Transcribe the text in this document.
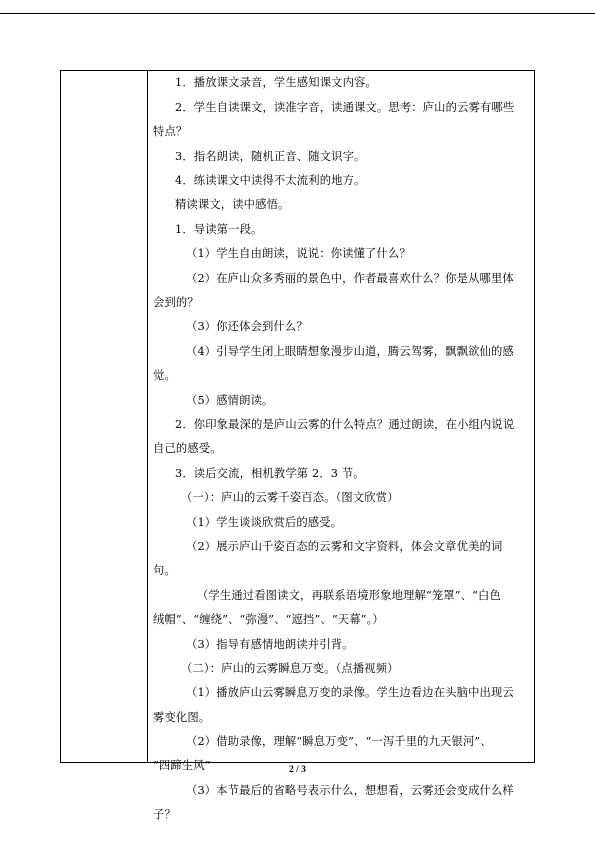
1．播放课文录音，学生感知课文内容。
2．学生自读课文，读准字音，读通课文。思考：庐山的云雾有哪些
特点？
3．指名朗读，随机正音、随文识字。
4．练读课文中读得不太流利的地方。
精读课文，读中感悟。
1．导读第一段。
（1）学生自由朗读，说说：你读懂了什么？
（2）在庐山众多秀丽的景色中，作者最喜欢什么？你是从哪里体
会到的？
（3）你还体会到什么？
（4）引导学生闭上眼睛想象漫步山道，腾云驾雾，飘飘欲仙的感
觉。
（5）感情朗读。
2．你印象最深的是庐山云雾的什么特点？通过朗读，在小组内说说
自己的感受。
3．读后交流，相机教学第 2．3 节。
（一）：庐山的云雾千姿百态。（图文欣赏）
（1）学生谈谈欣赏后的感受。
（2）展示庐山千姿百态的云雾和文字资料，体会文章优美的词
句。
（学生通过看图读文，再联系语境形象地理解“笼罩”、“白色
绒帽”、“缠绕”、“弥漫”、“遮挡”、“天幕”。）
（3）指导有感情地朗读并引背。
（二）：庐山的云雾瞬息万变。（点播视频）
（1）播放庐山云雾瞬息万变的录像。学生边看边在头脑中出现云
雾变化图。
（2）借助录像，理解“瞬息万变”、“一泻千里的九天银河”、
“四蹄生风”
（3）本节最后的省略号表示什么，想想看，云雾还会变成什么样
子？
2 / 3
